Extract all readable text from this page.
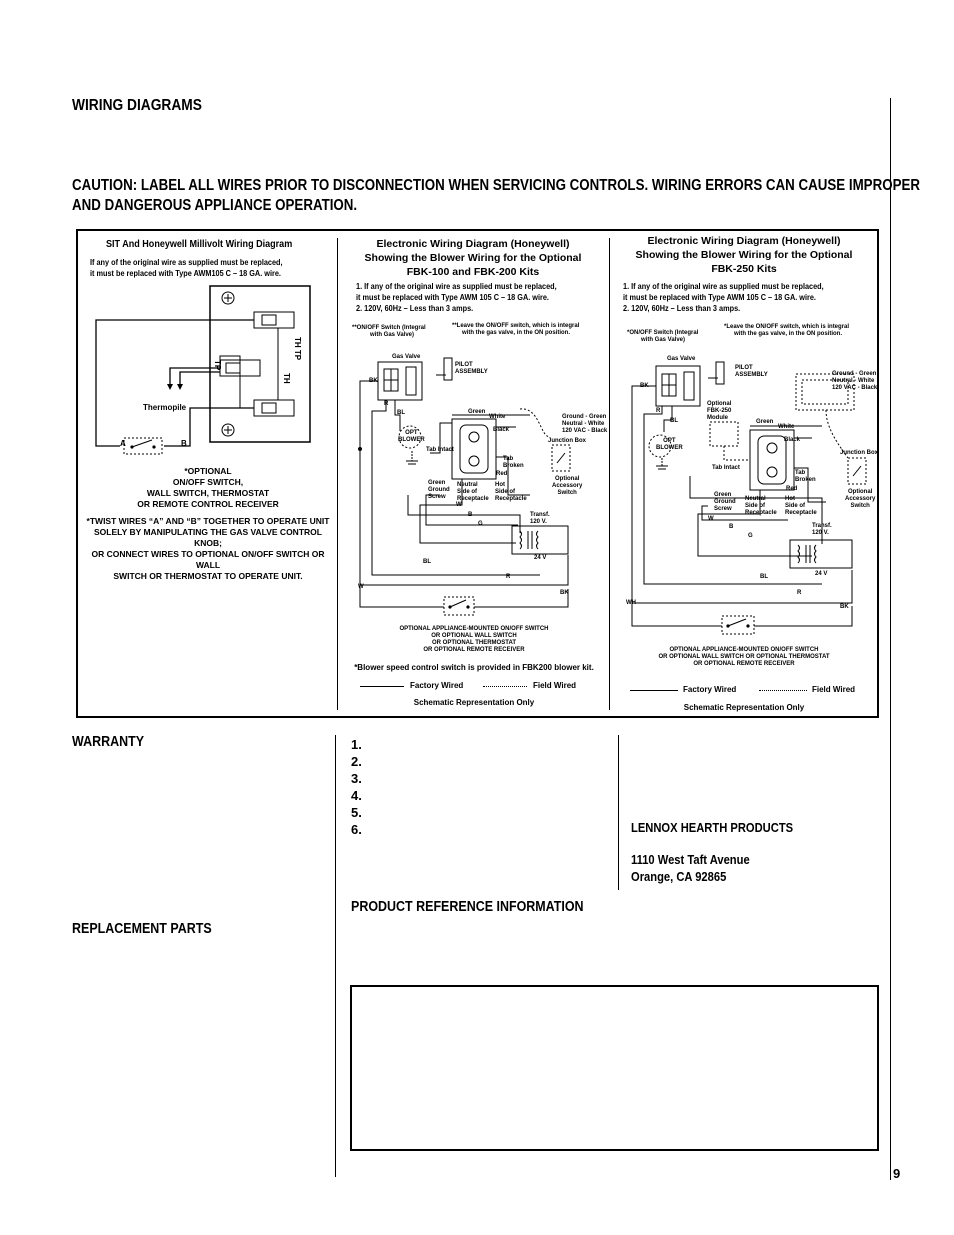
WIRING DIAGRAMS
CAUTION: LABEL ALL WIRES PRIOR TO DISCONNECTION WHEN SERVICING CONTROLS. WIRING ERRORS CAN CAUSE IMPROPER
AND DANGEROUS APPLIANCE OPERATION.
SIT And Honeywell Millivolt Wiring Diagram
If any of the original wire as supplied must be replaced,
it must be replaced with Type AWM105 C – 18 GA. wire.
TH TP
TH
TP
Thermopile
A	B
*OPTIONAL
ON/OFF SWITCH,
WALL SWITCH, THERMOSTAT
OR REMOTE CONTROL RECEIVER
*TWIST WIRES “A” AND “B” TOGETHER TO OPERATE UNIT
SOLELY BY MANIPULATING THE GAS VALVE CONTROL KNOB;
OR CONNECT WIRES TO OPTIONAL ON/OFF SWITCH OR WALL
SWITCH OR THERMOSTAT TO OPERATE UNIT.
Electronic Wiring Diagram (Honeywell)
Showing the Blower Wiring for the Optional
FBK-100 and FBK-200 Kits
1. If any of the original wire as supplied must be replaced,
it must be replaced with Type AWM 105 C – 18 GA. wire.
2. 120V, 60Hz – Less than 3 amps.
**ON/OFF Switch (Integral
with Gas Valve)
**Leave the ON/OFF switch, which is integral
with the gas valve, in the ON position.
Gas Valve
PILOT
ASSEMBLY
BK
R
BL
OPT
BLOWER
Tab Intact
Tab
Broken
Green
White
Black
Red
Ground - Green
Neutral - White
120 VAC - Black
Junction Box
Optional
Accessory
Switch
Green
Ground
Screw
Neutral
Side of
Receptacle
Hot
Side of
Receptacle
W
B
G
Transf.
120 V.
24 V
BL
R
W
BK
OPTIONAL APPLIANCE-MOUNTED ON/OFF SWITCH
OR OPTIONAL WALL SWITCH
OR OPTIONAL THERMOSTAT
OR OPTIONAL REMOTE RECEIVER
*Blower speed control switch is provided in FBK200 blower kit.
Factory Wired	Field Wired
Schematic Representation Only
Electronic Wiring Diagram (Honeywell)
Showing the Blower Wiring for the Optional
FBK-250 Kits
1. If any of the original wire as supplied must be replaced,
it must be replaced with Type AWM 105 C – 18 GA. wire.
2. 120V, 60Hz – Less than 3 amps.
*ON/OFF Switch (Integral
with Gas Valve)
*Leave the ON/OFF switch, which is integral
with the gas valve, in the ON position.
Gas Valve
PILOT
ASSEMBLY
BK
R
BL
Optional
FBK-250
Module
OPT
BLOWER
Tab Intact
Tab
Broken
Green
White
Black
Red
Ground - Green
Neutral - White
120 VAC - Black
Junction Box
Optional
Accessory
Switch
Green
Ground
Screw
Neutral
Side of
Receptacle
Hot
Side of
Receptacle
W
B
G
Transf.
120 V.
24 V
BL
R
WH
BK
OPTIONAL APPLIANCE-MOUNTED ON/OFF SWITCH
OR OPTIONAL WALL SWITCH OR OPTIONAL THERMOSTAT
OR OPTIONAL REMOTE RECEIVER
Factory Wired	Field Wired
Schematic Representation Only
WARRANTY
REPLACEMENT PARTS
1.
2.
3.
4.
5.
6.	LENNOX HEARTH PRODUCTS
1110 West Taft Avenue
Orange, CA 92865
PRODUCT REFERENCE INFORMATION
9
